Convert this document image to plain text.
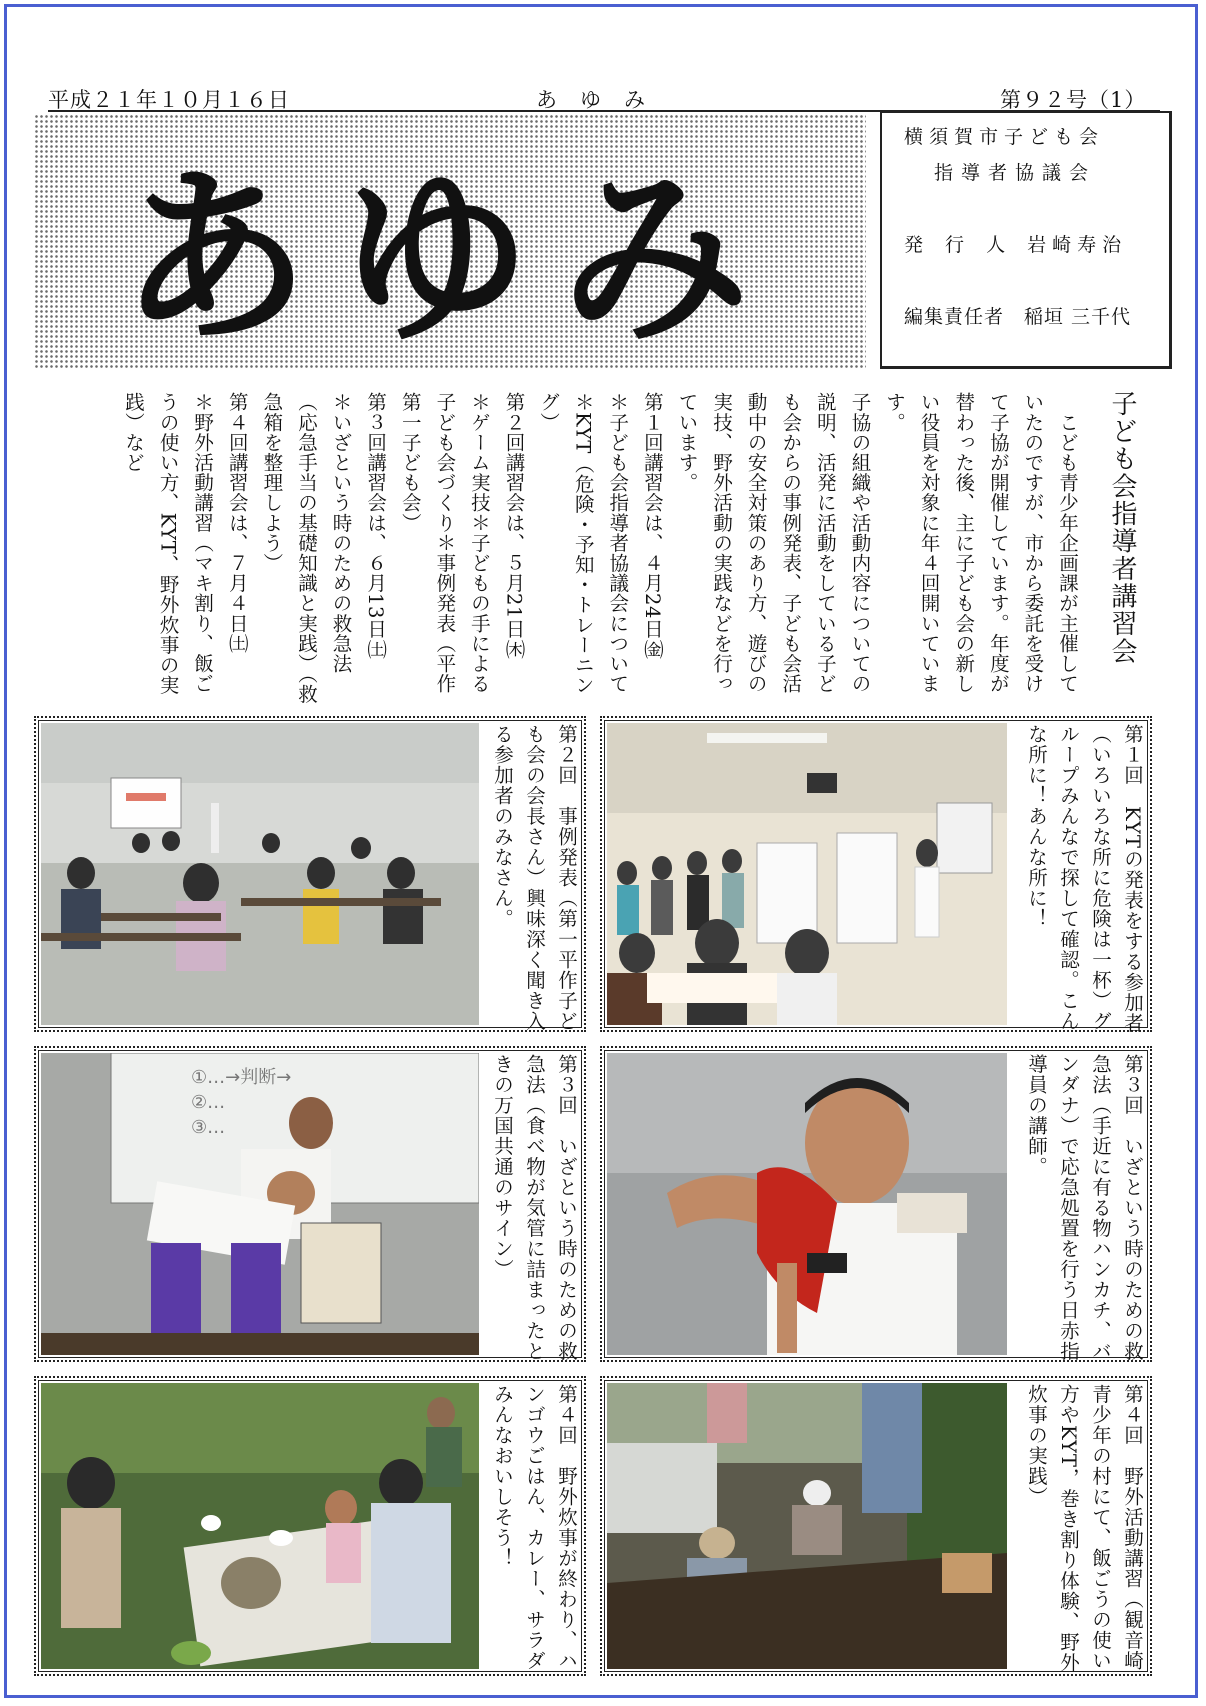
平成２１年１０月１６日	あ　ゆ　み	第９２号（1）
あゆみ
横須賀市子ども会
指導者協議会
発 行 人 岩崎寿治
編集責任者　稲垣 三千代
子ども会指導者講習会

　こども青少年企画課が主催していたのですが、市から委託を受けて子協が開催しています。年度が替わった後、主に子ども会の新しい役員を対象に年４回開いています。

子協の組織や活動内容についての説明、活発に活動をしている子ども会からの事例発表、子ども会活動中の安全対策のあり方、遊びの実技、野外活動の実践などを行っています。

第１回講習会は、４月24日㈮

＊子ども会指導者協議会について＊KYT（危険・予知・トレーニング）

第２回講習会は、５月21日㈭

＊ゲーム実技＊子どもの手による子ども会づくり＊事例発表（平作第一子ども会）

第３回講習会は、６月13日㈯

＊いざという時のための救急法（応急手当の基礎知識と実践）（救急箱を整理しよう）

第４回講習会は、７月４日㈯

＊野外活動講習（マキ割り、飯ごうの使い方、KYT、野外炊事の実践）など

第１回　KYTの発表をする参加者（いろいろな所に危険は一杯）グループみんなで探して確認。こんな所に！あんな所に！
第２回　事例発表（第一平作子ども会の会長さん）興味深く聞き入る参加者のみなさん。
第３回　いざという時のための救急法（手近に有る物ハンカチ、バンダナ）で応急処置を行う日赤指導員の講師。
①…→判断→
②…
③…	第３回　いざという時のための救急法（食べ物が気管に詰まったときの万国共通のサイン）
第４回　野外活動講習（観音崎青少年の村にて、飯ごうの使い方やKYT，巻き割り体験、野外炊事の実践）
第４回　野外炊事が終わり、ハンゴウごはん、カレー、サラダみんなおいしそう！
